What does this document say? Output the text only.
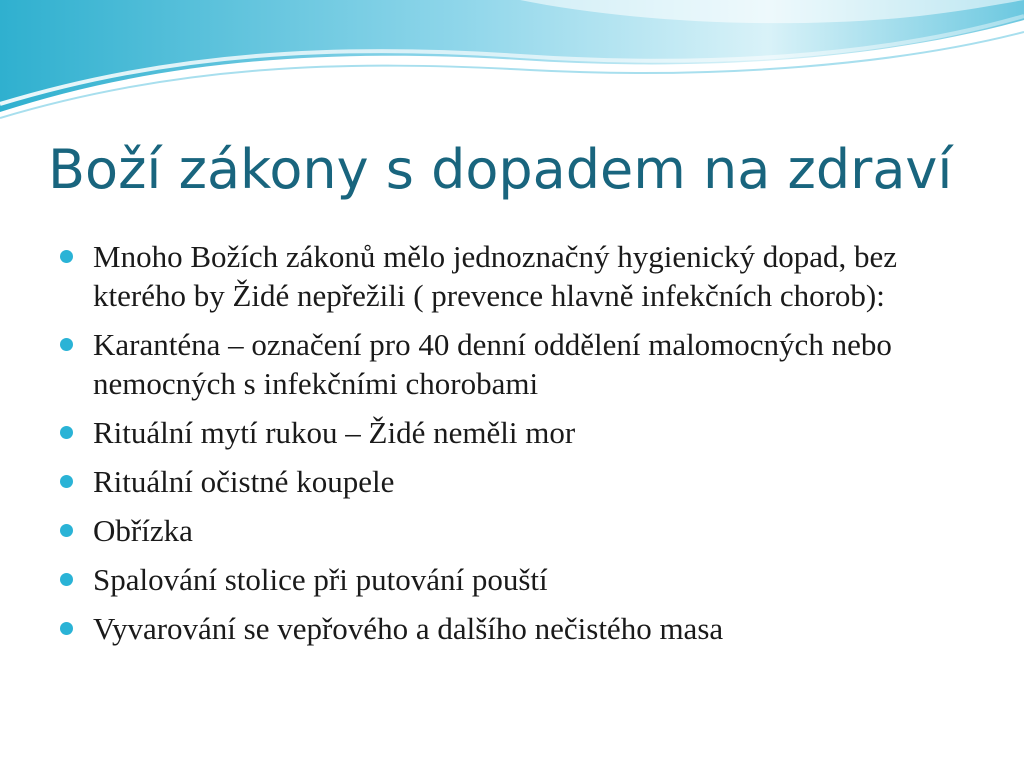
Boží zákony s dopadem na zdraví
Mnoho Božích zákonů mělo jednoznačný hygienický dopad, bez kterého by Židé nepřežili ( prevence hlavně infekčních chorob):
Karanténa – označení pro 40 denní oddělení malomocných nebo nemocných s infekčními chorobami
Rituální mytí rukou – Židé neměli mor
Rituální očistné koupele
Obřízka
Spalování stolice při putování pouští
Vyvarování se vepřového a dalšího nečistého masa
